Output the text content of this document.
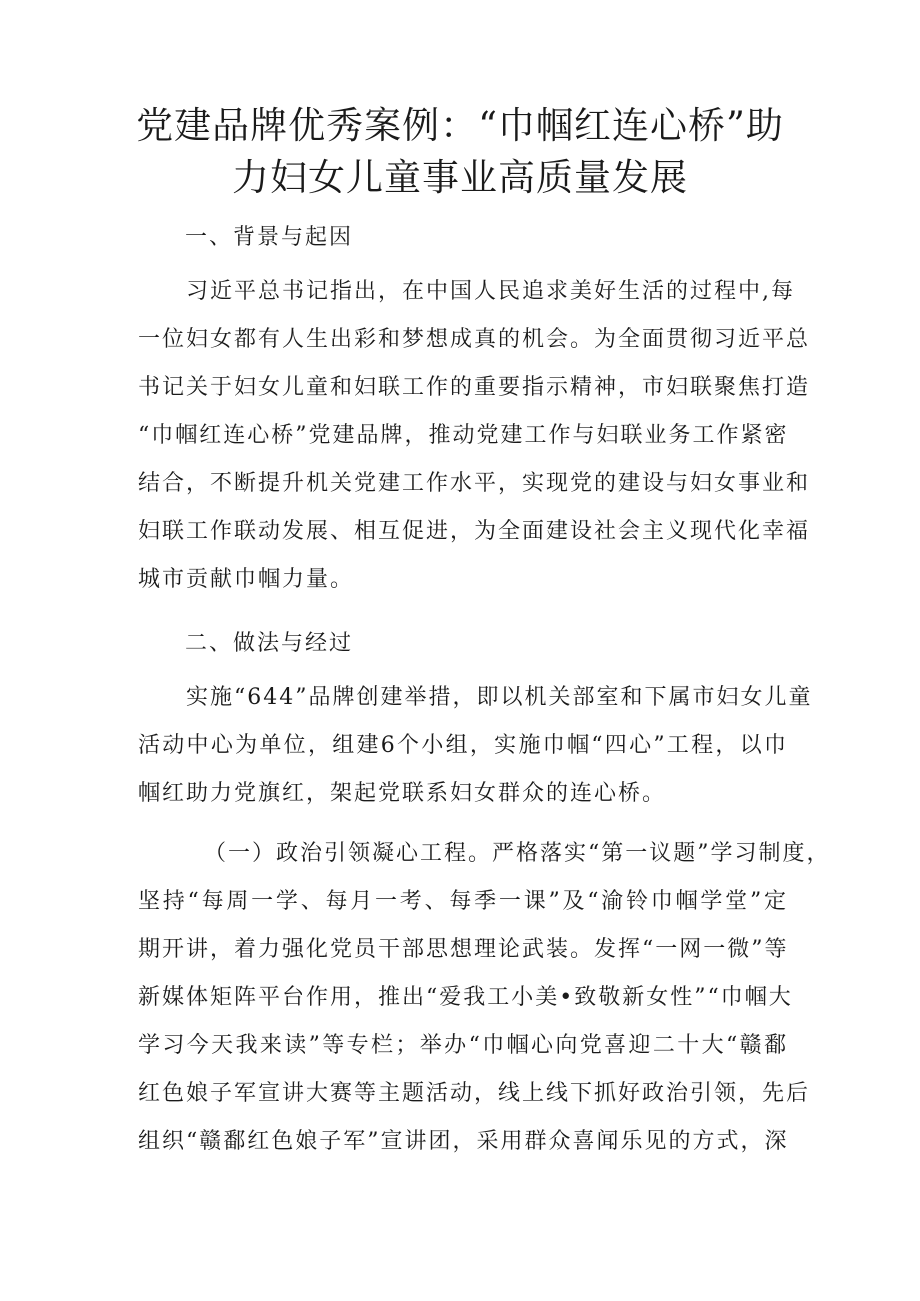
党建品牌优秀案例：“巾帼红连心桥”助
力妇女儿童事业高质量发展
一、背景与起因

习近平总书记指出，在中国人民追求美好生活的过程中,每
一位妇女都有人生出彩和梦想成真的机会。为全面贯彻习近平总
书记关于妇女儿童和妇联工作的重要指示精神，市妇联聚焦打造
“巾帼红连心桥”党建品牌，推动党建工作与妇联业务工作紧密
结合，不断提升机关党建工作水平，实现党的建设与妇女事业和
妇联工作联动发展、相互促进，为全面建设社会主义现代化幸福
城市贡献巾帼力量。

二、做法与经过

实施“644”品牌创建举措，即以机关部室和下属市妇女儿童
活动中心为单位，组建6个小组，实施巾帼“四心”工程，以巾
帼红助力党旗红，架起党联系妇女群众的连心桥。

（一）政治引领凝心工程。严格落实“第一议题”学习制度，
坚持“每周一学、每月一考、每季一课”及“渝铃巾帼学堂”定
期开讲，着力强化党员干部思想理论武装。发挥“一网一微”等
新媒体矩阵平台作用，推出“爱我工小美•致敬新女性”“巾帼大
学习今天我来读”等专栏；举办“巾帼心向党喜迎二十大“赣鄱
红色娘子军宣讲大赛等主题活动，线上线下抓好政治引领，先后
组织“赣鄱红色娘子军”宣讲团，采用群众喜闻乐见的方式，深
